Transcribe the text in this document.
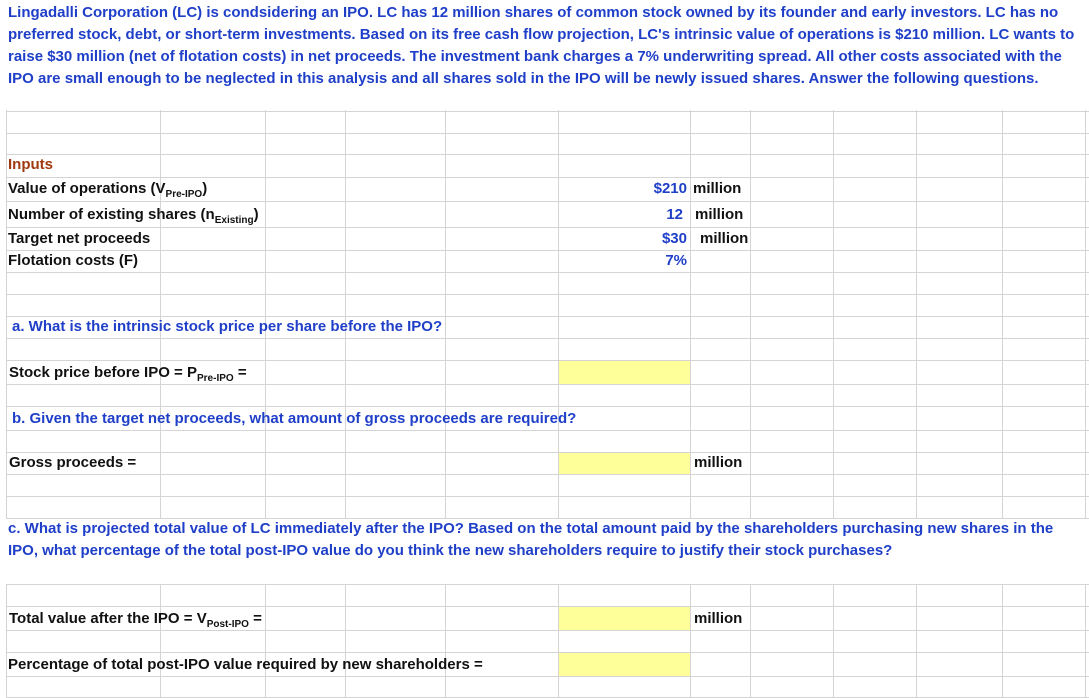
Lingadalli Corporation (LC) is condsidering an IPO. LC has 12 million shares of common stock owned by its founder and early investors. LC has no preferred stock, debt, or short-term investments. Based on its free cash flow projection, LC's intrinsic value of operations is $210 million. LC wants to raise $30 million (net of flotation costs) in net proceeds. The investment bank charges a 7% underwriting spread. All other costs associated with the IPO are small enough to be neglected in this analysis and all shares sold in the IPO will be newly issued shares. Answer the following questions.
Inputs
Value of operations $(V_{Pre-IPO})$	$210 million
Number of existing shares $(n_{Existing})$	12 million
Target net proceeds	$30 million
Flotation costs (F)	7%
a. What is the intrinsic stock price per share before the IPO?
Stock price before IPO = $P_{Pre-IPO}$ =
b. Given the target net proceeds, what amount of gross proceeds are required?
Gross proceeds =	million
c. What is projected total value of LC immediately after the IPO? Based on the total amount paid by the shareholders purchasing new shares in the IPO, what percentage of the total post-IPO value do you think the new shareholders require to justify their stock purchases?
Total value after the IPO = $V_{Post-IPO}$ =	million
Percentage of total post-IPO value required by new shareholders =
